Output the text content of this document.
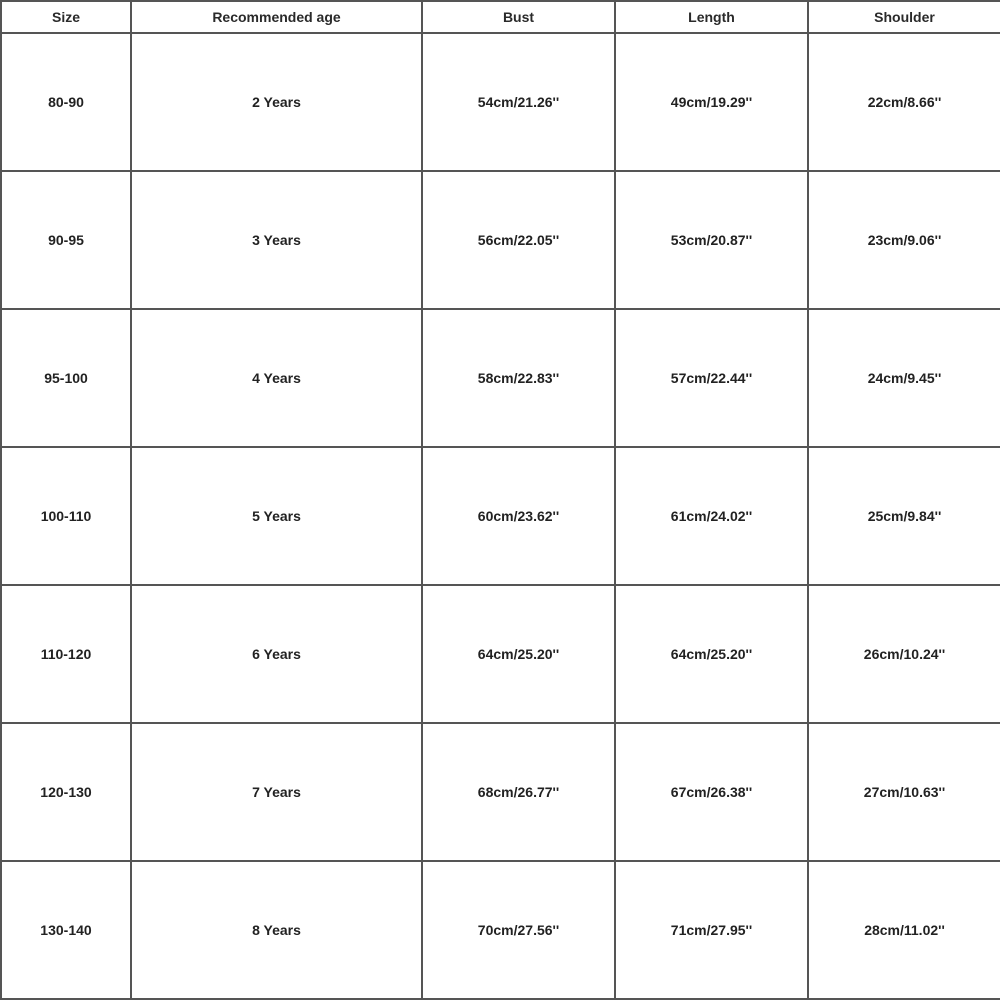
Size	Recommended age	Bust	Length	Shoulder
80-90	2 Years	54cm/21.26''	49cm/19.29''	22cm/8.66''
90-95	3 Years	56cm/22.05''	53cm/20.87''	23cm/9.06''
95-100	4 Years	58cm/22.83''	57cm/22.44''	24cm/9.45''
100-110	5 Years	60cm/23.62''	61cm/24.02''	25cm/9.84''
110-120	6 Years	64cm/25.20''	64cm/25.20''	26cm/10.24''
120-130	7 Years	68cm/26.77''	67cm/26.38''	27cm/10.63''
130-140	8 Years	70cm/27.56''	71cm/27.95''	28cm/11.02''
